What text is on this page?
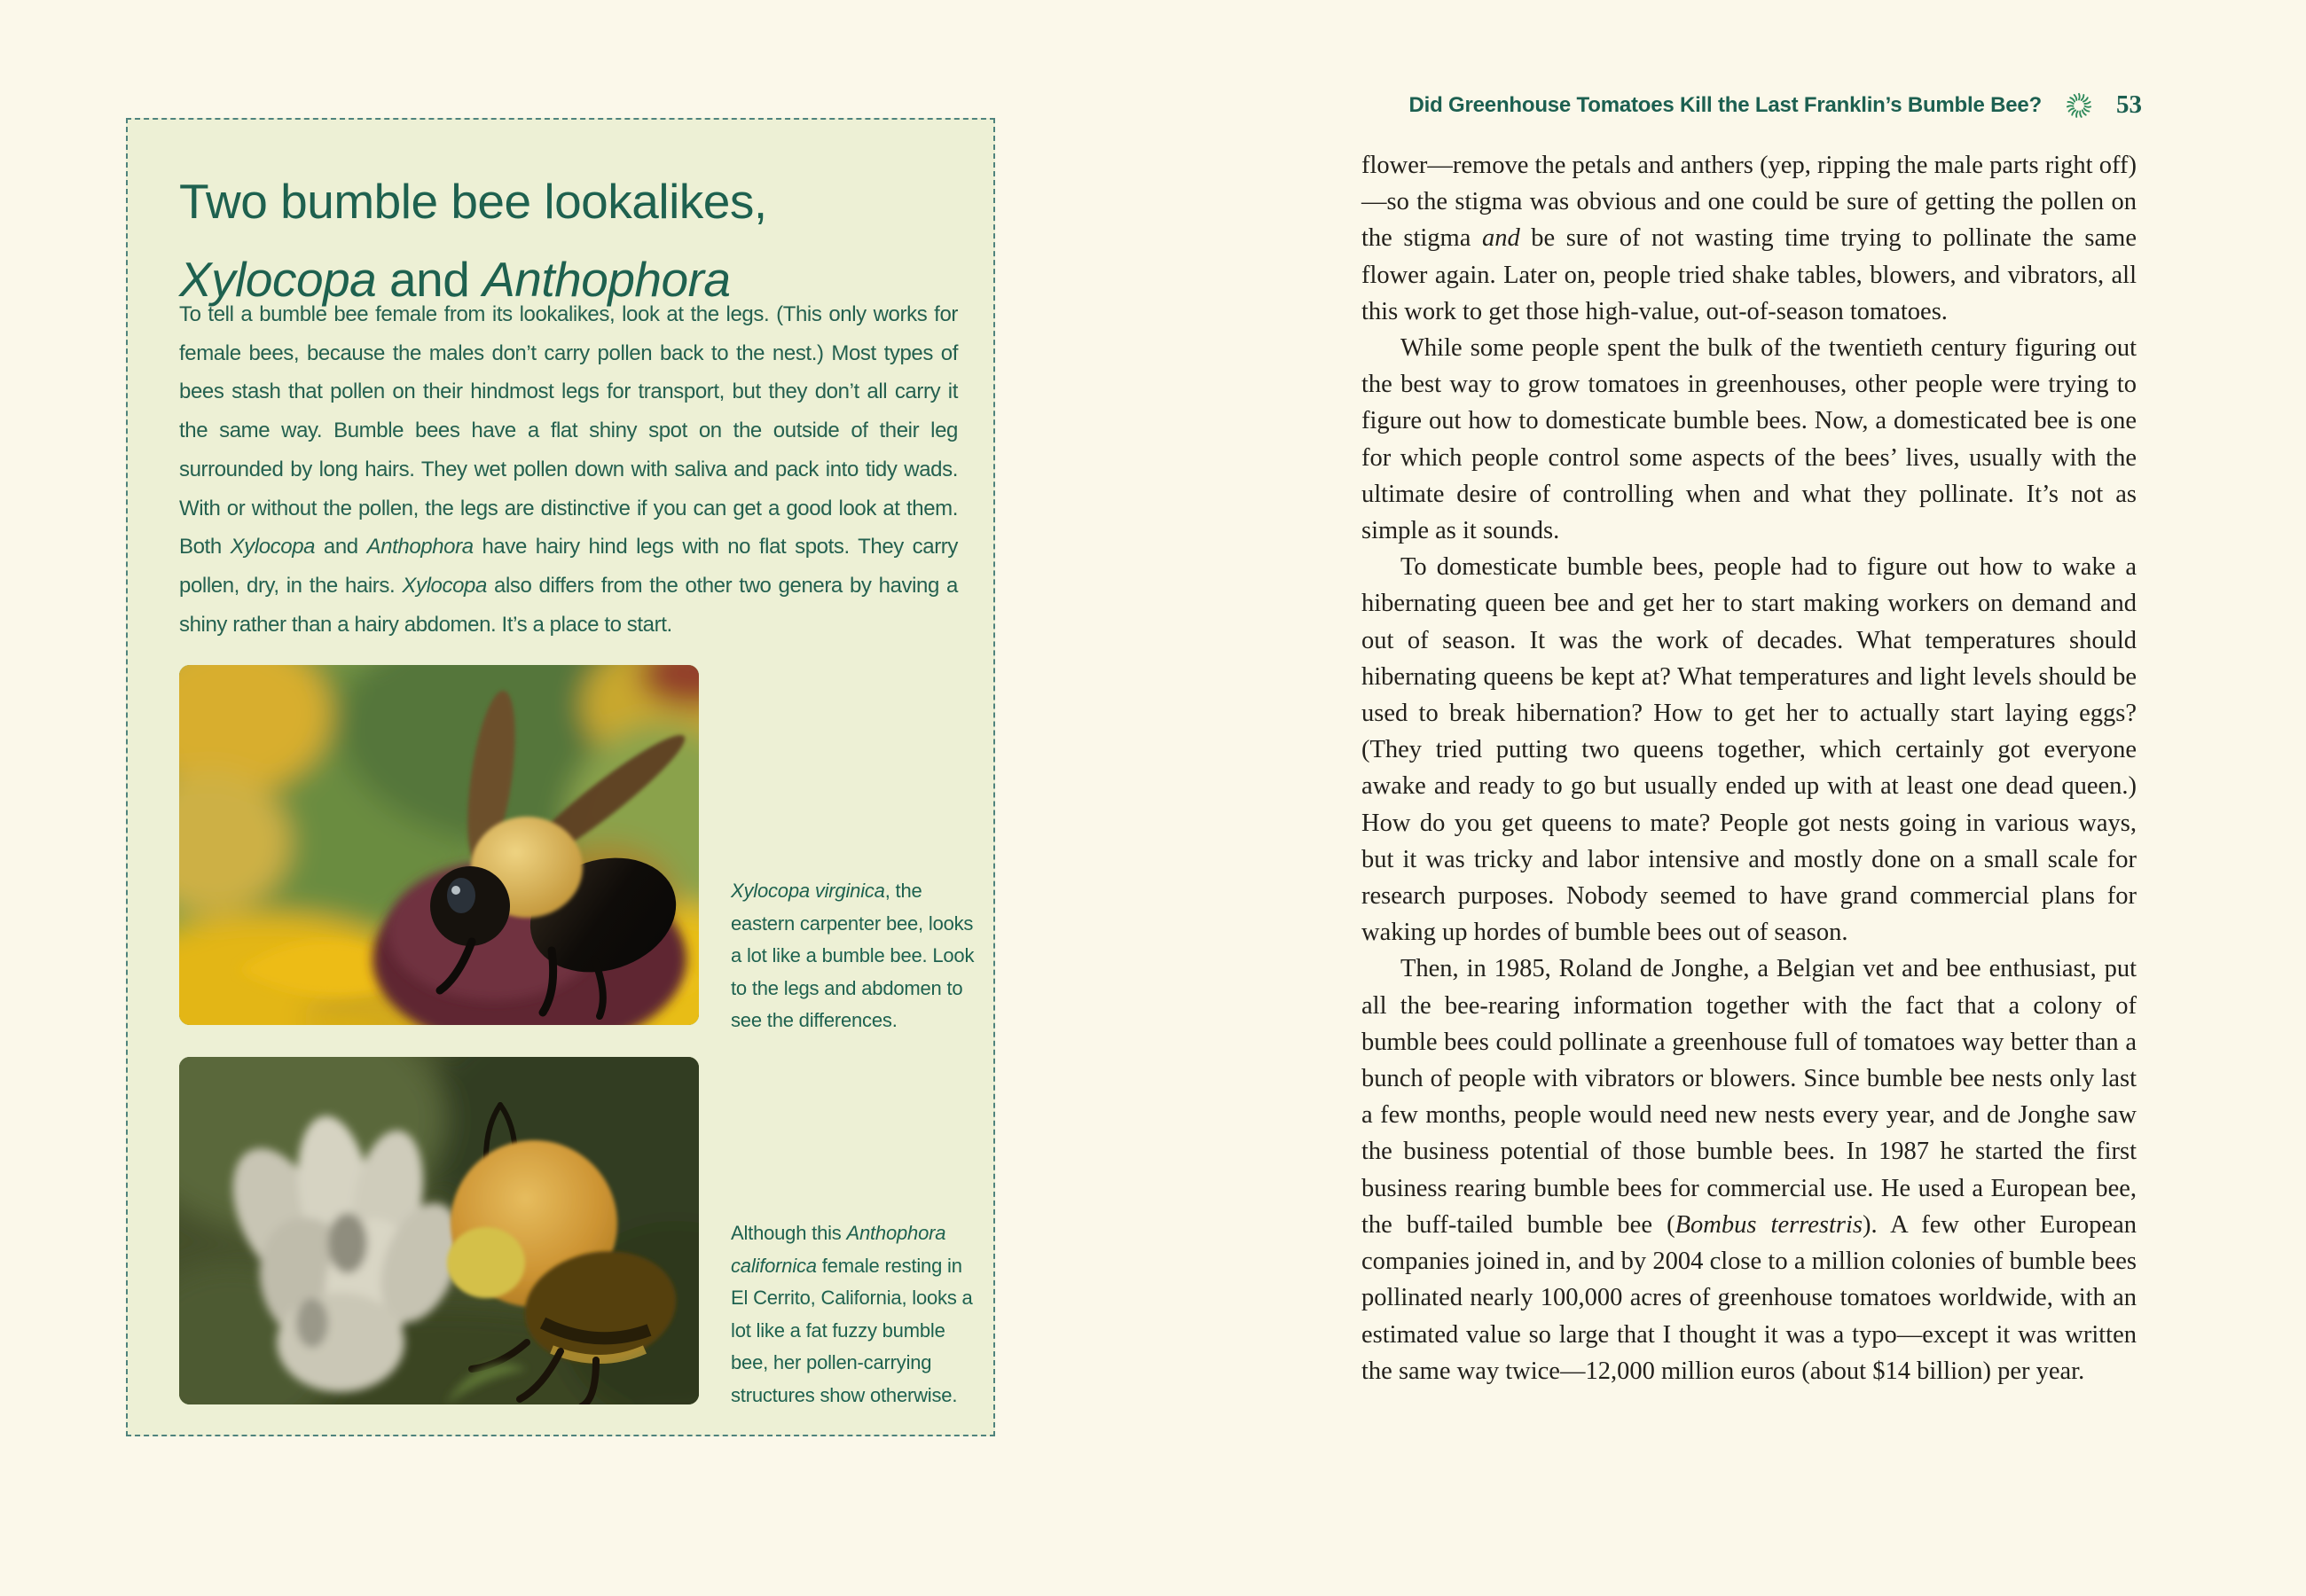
Two bumble bee lookalikes,
Xylocopa and Anthophora

To tell a bumble bee female from its lookalikes, look at the legs. (This only works for female bees, because the males don’t carry pollen back to the nest.) Most types of bees stash that pollen on their hindmost legs for transport, but they don’t all carry it the same way. Bumble bees have a flat shiny spot on the outside of their leg surrounded by long hairs. They wet pollen down with saliva and pack into tidy wads. With or without the pollen, the legs are distinctive if you can get a good look at them. Both Xylocopa and Anthophora have hairy hind legs with no flat spots. They carry pollen, dry, in the hairs. Xylocopa also differs from the other two genera by having a shiny rather than a hairy abdomen. It’s a place to start.

Xylocopa virginica, the eastern carpenter bee, looks a lot like a bumble bee. Look to the legs and abdomen to see the differences.

Although this Anthophora californica female resting in El Cerrito, California, looks a lot like a fat fuzzy bumble bee, her pollen-carrying structures show otherwise.

Did Greenhouse Tomatoes Kill the Last Franklin’s Bumble Bee?	53

flower—remove the petals and anthers (yep, ripping the male parts right off)—so the stigma was obvious and one could be sure of getting the pollen on the stigma and be sure of not wasting time trying to pollinate the same flower again. Later on, people tried shake tables, blowers, and vibrators, all this work to get those high-value, out-of-season tomatoes.

While some people spent the bulk of the twentieth century figuring out the best way to grow tomatoes in greenhouses, other people were trying to figure out how to domesticate bumble bees. Now, a domesticated bee is one for which people control some aspects of the bees’ lives, usually with the ultimate desire of controlling when and what they pollinate. It’s not as simple as it sounds.

To domesticate bumble bees, people had to figure out how to wake a hibernating queen bee and get her to start making workers on demand and out of season. It was the work of decades. What temperatures should hibernating queens be kept at? What temperatures and light levels should be used to break hibernation? How to get her to actually start laying eggs? (They tried putting two queens together, which certainly got everyone awake and ready to go but usually ended up with at least one dead queen.) How do you get queens to mate? People got nests going in various ways, but it was tricky and labor intensive and mostly done on a small scale for research purposes. Nobody seemed to have grand commercial plans for waking up hordes of bumble bees out of season.

Then, in 1985, Roland de Jonghe, a Belgian vet and bee enthusiast, put all the bee-rearing information together with the fact that a colony of bumble bees could pollinate a greenhouse full of tomatoes way better than a bunch of people with vibrators or blowers. Since bumble bee nests only last a few months, people would need new nests every year, and de Jonghe saw the business potential of those bumble bees. In 1987 he started the first business rearing bumble bees for commercial use. He used a European bee, the buff-tailed bumble bee (Bombus terrestris). A few other European companies joined in, and by 2004 close to a million colonies of bumble bees pollinated nearly 100,000 acres of greenhouse tomatoes worldwide, with an estimated value so large that I thought it was a typo—except it was written the same way twice—12,000 million euros (about $14 billion) per year.
